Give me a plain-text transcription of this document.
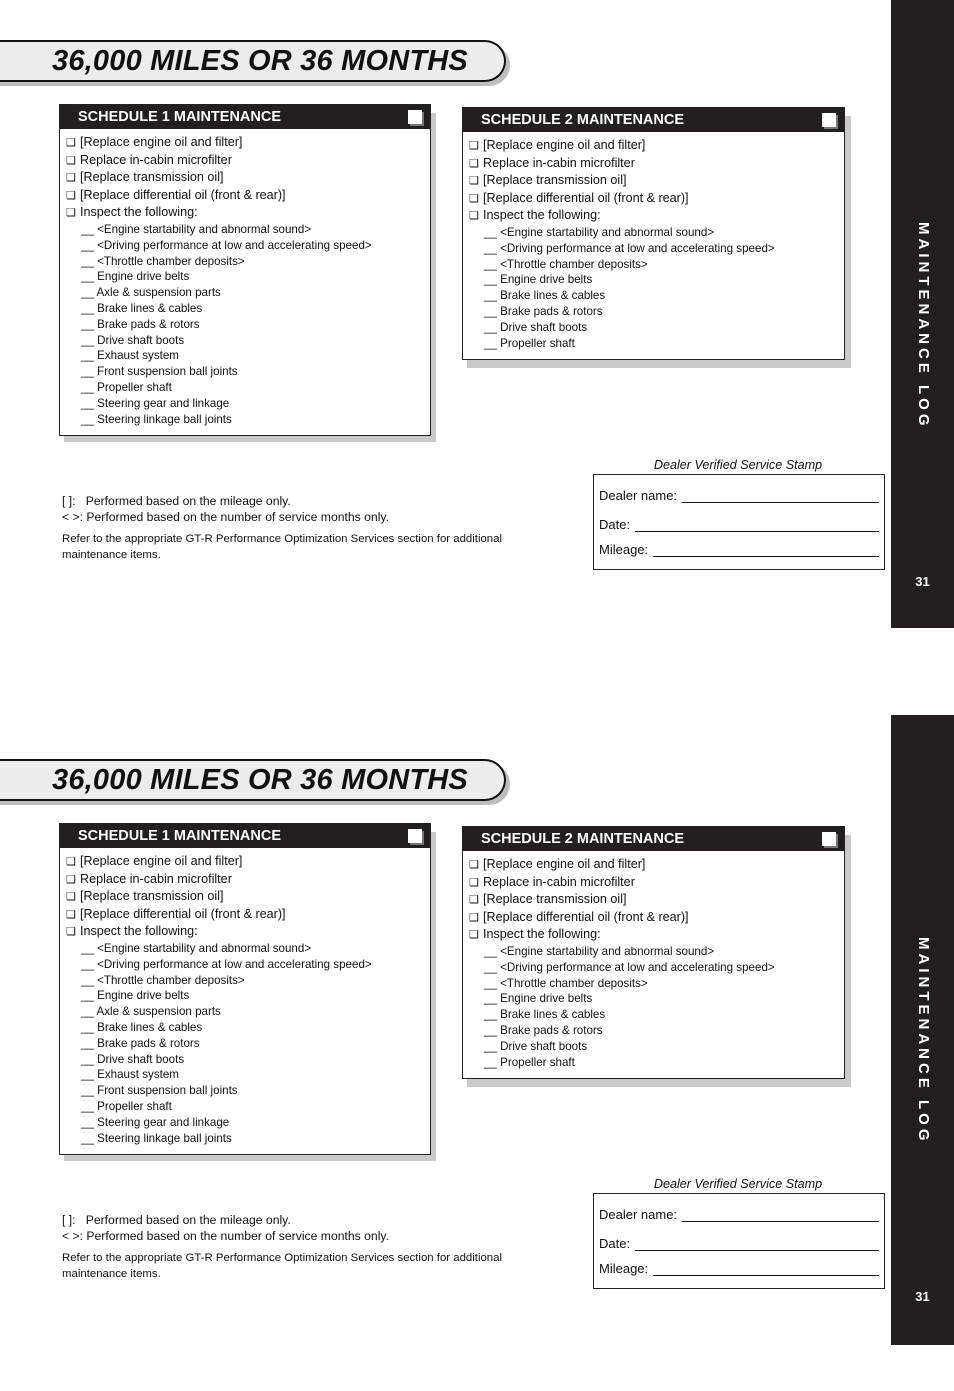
MAINTENANCE LOG
31
36,000 MILES OR 36 MONTHS
SCHEDULE 1 MAINTENANCE
❑ [Replace engine oil and filter]
❑ Replace in-cabin microfilter
❑ [Replace transmission oil]
❑ [Replace differential oil (front & rear)]
❑ Inspect the following:
__ <Engine startability and abnormal sound>
__ <Driving performance at low and accelerating speed>
__ <Throttle chamber deposits>
__ Engine drive belts
__ Axle & suspension parts
__ Brake lines & cables
__ Brake pads & rotors
__ Drive shaft boots
__ Exhaust system
__ Front suspension ball joints
__ Propeller shaft
__ Steering gear and linkage
__ Steering linkage ball joints
SCHEDULE 2 MAINTENANCE
❑ [Replace engine oil and filter]
❑ Replace in-cabin microfilter
❑ [Replace transmission oil]
❑ [Replace differential oil (front & rear)]
❑ Inspect the following:
__ <Engine startability and abnormal sound>
__ <Driving performance at low and accelerating speed>
__ <Throttle chamber deposits>
__ Engine drive belts
__ Brake lines & cables
__ Brake pads & rotors
__ Drive shaft boots
__ Propeller shaft
[ ]:   Performed based on the mileage only.
< >: Performed based on the number of service months only.
Refer to the appropriate GT-R Performance Optimization Services section for additional maintenance items.
Dealer Verified Service Stamp
Dealer name:
Date:
Mileage:
MAINTENANCE LOG
31
36,000 MILES OR 36 MONTHS
SCHEDULE 1 MAINTENANCE
❑ [Replace engine oil and filter]
❑ Replace in-cabin microfilter
❑ [Replace transmission oil]
❑ [Replace differential oil (front & rear)]
❑ Inspect the following:
__ <Engine startability and abnormal sound>
__ <Driving performance at low and accelerating speed>
__ <Throttle chamber deposits>
__ Engine drive belts
__ Axle & suspension parts
__ Brake lines & cables
__ Brake pads & rotors
__ Drive shaft boots
__ Exhaust system
__ Front suspension ball joints
__ Propeller shaft
__ Steering gear and linkage
__ Steering linkage ball joints
SCHEDULE 2 MAINTENANCE
❑ [Replace engine oil and filter]
❑ Replace in-cabin microfilter
❑ [Replace transmission oil]
❑ [Replace differential oil (front & rear)]
❑ Inspect the following:
__ <Engine startability and abnormal sound>
__ <Driving performance at low and accelerating speed>
__ <Throttle chamber deposits>
__ Engine drive belts
__ Brake lines & cables
__ Brake pads & rotors
__ Drive shaft boots
__ Propeller shaft
[ ]:   Performed based on the mileage only.
< >: Performed based on the number of service months only.
Refer to the appropriate GT-R Performance Optimization Services section for additional maintenance items.
Dealer Verified Service Stamp
Dealer name:
Date:
Mileage:
